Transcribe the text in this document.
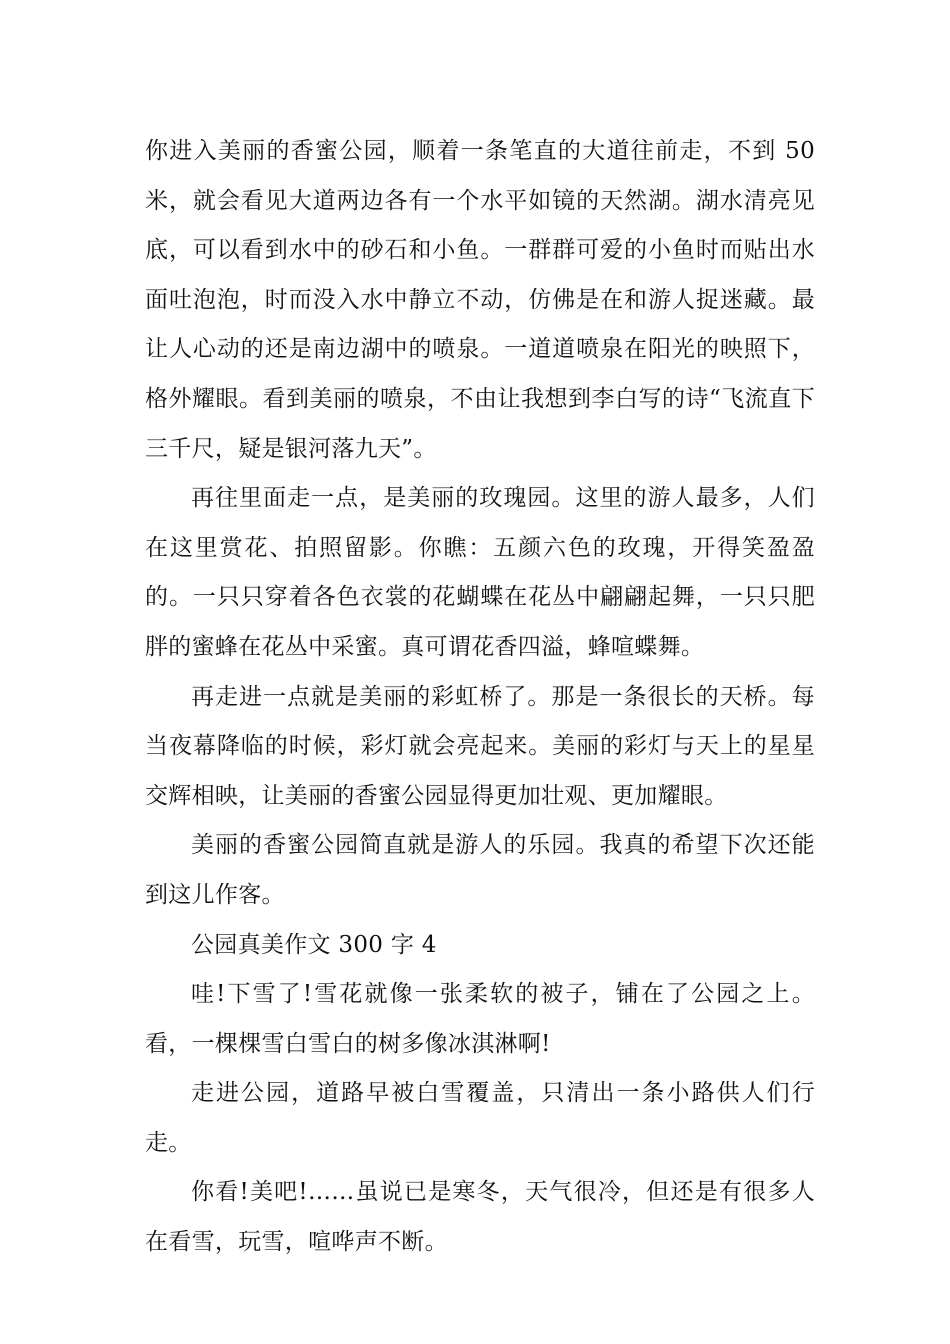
你进入美丽的香蜜公园，顺着一条笔直的大道往前走，不到 50 米，就会看见大道两边各有一个水平如镜的天然湖。湖水清亮见底，可以看到水中的砂石和小鱼。一群群可爱的小鱼时而贴出水面吐泡泡，时而没入水中静立不动，仿佛是在和游人捉迷藏。最让人心动的还是南边湖中的喷泉。一道道喷泉在阳光的映照下，格外耀眼。看到美丽的喷泉，不由让我想到李白写的诗“飞流直下三千尺，疑是银河落九天”。

再往里面走一点，是美丽的玫瑰园。这里的游人最多，人们在这里赏花、拍照留影。你瞧：五颜六色的玫瑰，开得笑盈盈的。一只只穿着各色衣裳的花蝴蝶在花丛中翩翩起舞，一只只肥胖的蜜蜂在花丛中采蜜。真可谓花香四溢，蜂喧蝶舞。

再走进一点就是美丽的彩虹桥了。那是一条很长的天桥。每当夜幕降临的时候，彩灯就会亮起来。美丽的彩灯与天上的星星交辉相映，让美丽的香蜜公园显得更加壮观、更加耀眼。

美丽的香蜜公园简直就是游人的乐园。我真的希望下次还能到这儿作客。

公园真美作文 300 字 4

哇!下雪了!雪花就像一张柔软的被子，铺在了公园之上。看，一棵棵雪白雪白的树多像冰淇淋啊!

走进公园，道路早被白雪覆盖，只清出一条小路供人们行走。

你看!美吧!……虽说已是寒冬，天气很冷，但还是有很多人在看雪，玩雪，喧哗声不断。
